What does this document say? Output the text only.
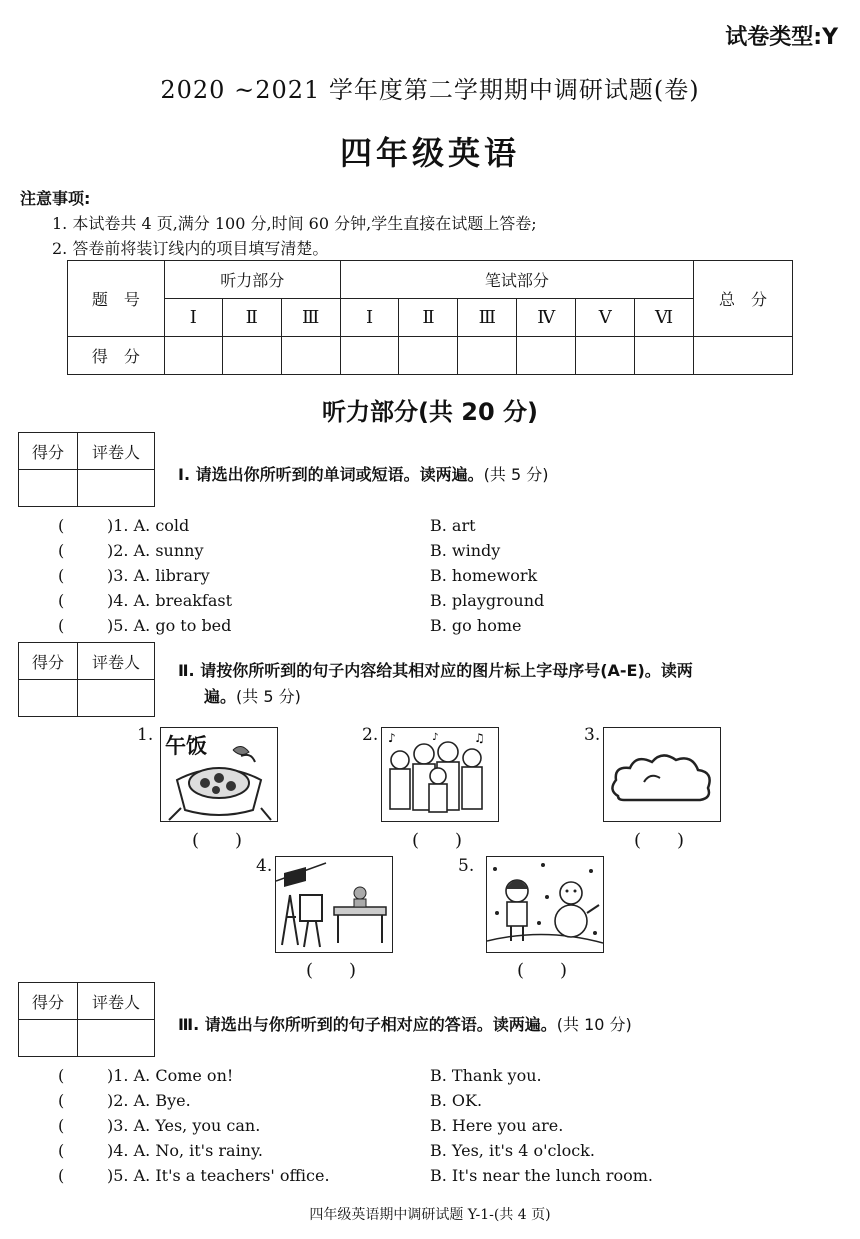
试卷类型:Y
2020 ~2021 学年度第二学期期中调研试题(卷)
四年级英语
注意事项:
1. 本试卷共 4 页,满分 100 分,时间 60 分钟,学生直接在试题上答卷;
2. 答卷前将装订线内的项目填写清楚。
题　号	听力部分			笔试部分						总　分
	Ⅰ	Ⅱ	Ⅲ	Ⅰ	Ⅱ	Ⅲ	Ⅳ	Ⅴ	Ⅵ	
得　分										
听力部分(共 20 分)
得分	评卷人

Ⅰ. 请选出你所听到的单词或短语。读两遍。(共 5 分)
(	)1. A. cold	B. art
(	)2. A. sunny	B. windy
(	)3. A. library	B. homework
(	)4. A. breakfast	B. playground
(	)5. A. go to bed	B. go home
得分	评卷人
	Ⅱ. 请按你所听到的句子内容给其相对应的图片标上字母序号(A-E)。读两
遍。(共 5 分)
1. 午饭
(　　)
2. ♪	♫
♪
(　　)
3.
(　　)
4.
(　　)
5.
(　　)
得分	评卷人

Ⅲ. 请选出与你所听到的句子相对应的答语。读两遍。(共 10 分)
(	)1. A. Come on!	B. Thank you.
(	)2. A. Bye.	B. OK.
(	)3. A. Yes, you can.	B. Here you are.
(	)4. A. No, it's rainy.	B. Yes, it's 4 o'clock.
(	)5. A. It's a teachers' office.	B. It's near the lunch room.
四年级英语期中调研试题 Y-1-(共 4 页)
